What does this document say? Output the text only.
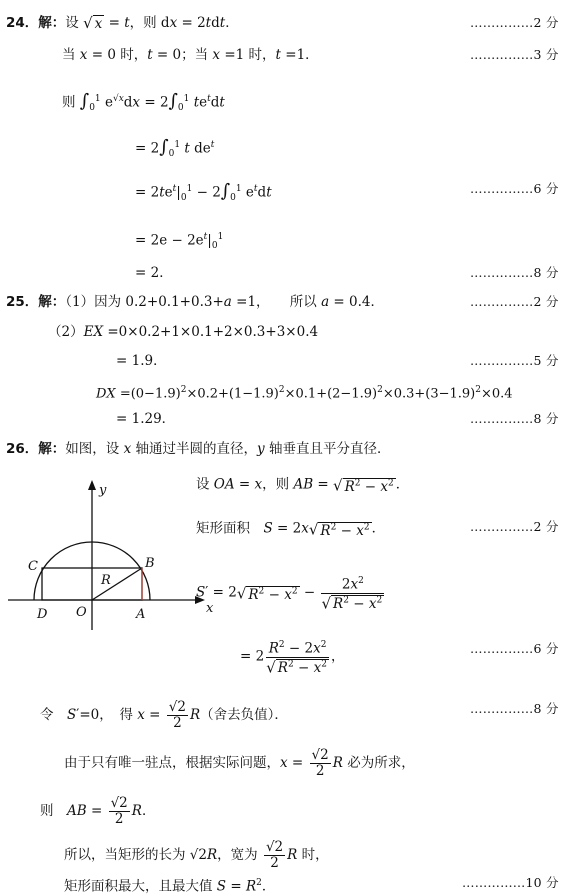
24．解：设 √ x = t，则 dx = 2tdt．	……………2 分
当 x = 0 时，t = 0；当 x =1 时，t =1．	……………3 分
则 $\int_0^1$ $e^{√x}dx = 2\int_0^1$ $te^tdt$
= $2\int_0^1$ t $de^t$
= $2te^t|_0^1 - 2\int_0^1$ $e^tdt$	……………6 分
= $2e - 2e^t|_0^1$
= 2．	……………8 分
25．解：（1）因为 0.2+0.1+0.3+a =1，　　所以 a = 0.4．	……………2 分
（2）EX =0×0.2+1×0.1+2×0.3+3×0.4
= 1.9．	……………5 分
DX $=(0-1.9)^2\times 0.2+(1-1.9)^2\times 0.1+(2-1.9)^2\times 0.3+(3-1.9)^2\times 0.4$
= 1.29．	……………8 分
26．解：如图，设 x 轴通过半圆的直径，y 轴垂直且平分直径．
y
x
C	B
R
D O	A
设 OA = x，则 AB = √ $R^2 - x^2$ ．
矩形面积　S = 2x√ $R^2 - x^2$ ．	……………2 分
S′ = 2√ $R^2 - x^2 - \frac{2x^2}{√ R^2 - x^2}$
= $2 \frac{R^2 - 2x^2}{√ R^2 - x^2}$ ，	……………6 分
令　S′=0，　得 $x = \frac{√2}{2} R$（舍去负值）．	……………8 分
由于只有唯一驻点，根据实际问题，$x = \frac{√2}{2}$ R 必为所求，
则　AB = $\frac{√2}{2}$ R．
所以，当矩形的长为 √2R，宽为 $\frac{√2}{2}$ R 时，
矩形面积最大，且最大值 $S = R^2$．	……………10 分
